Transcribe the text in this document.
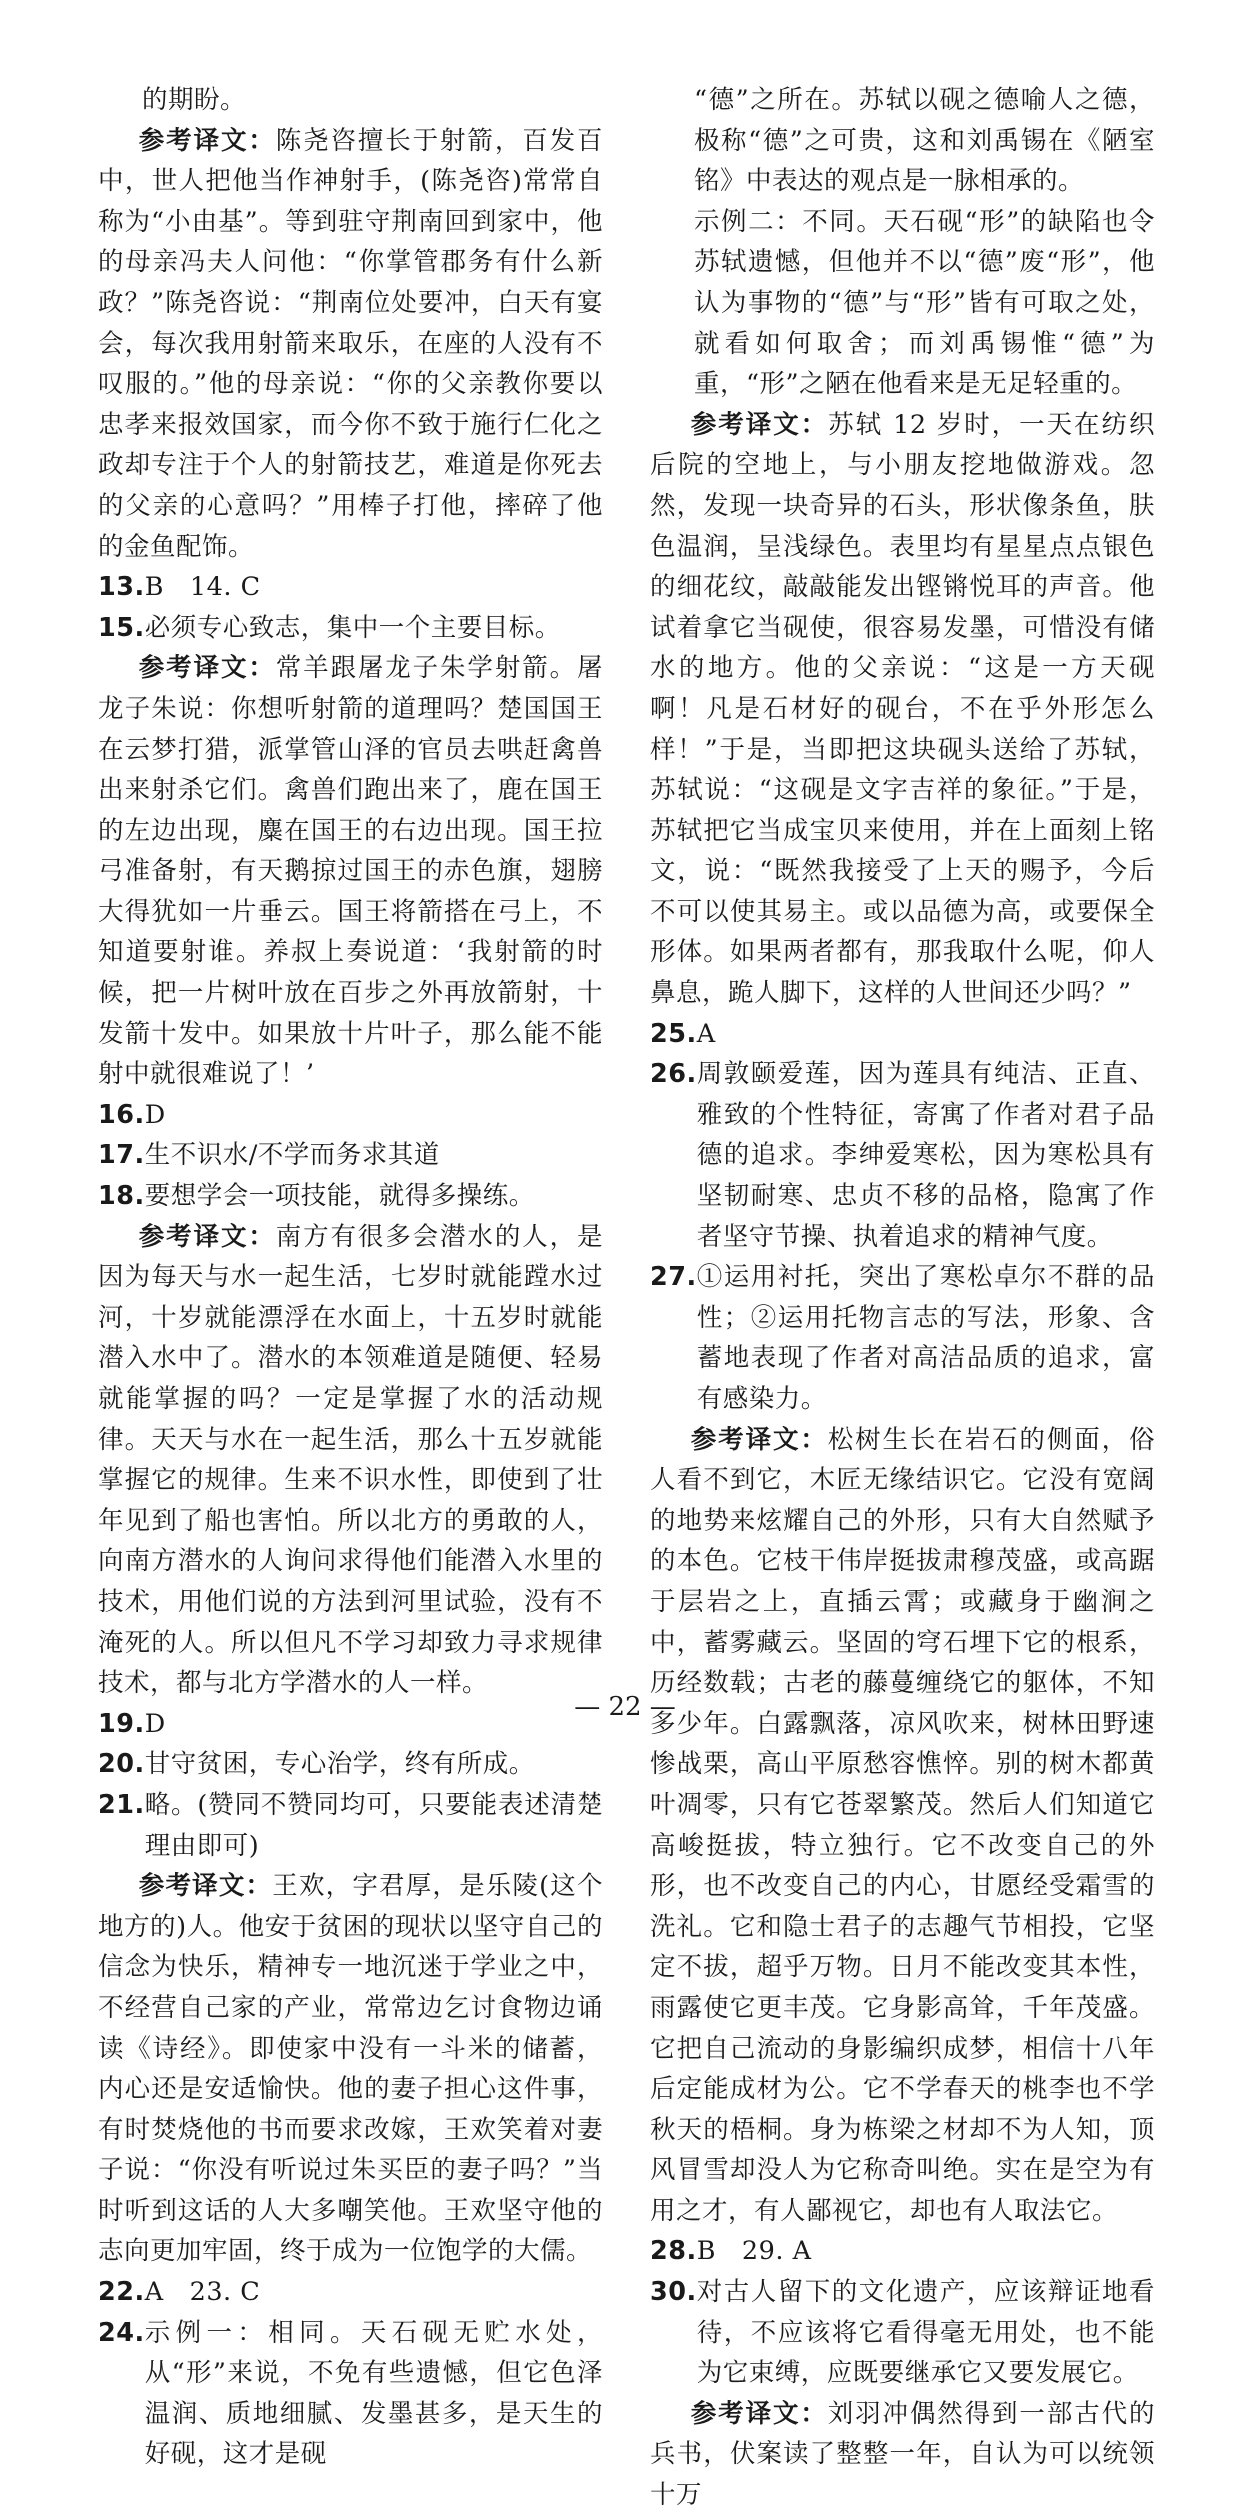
的期盼。

参考译文：陈尧咨擅长于射箭，百发百中，世人把他当作神射手，(陈尧咨)常常自称为“小由基”。等到驻守荆南回到家中，他的母亲冯夫人问他：“你掌管郡务有什么新政？”陈尧咨说：“荆南位处要冲，白天有宴会，每次我用射箭来取乐，在座的人没有不叹服的。”他的母亲说：“你的父亲教你要以忠孝来报效国家，而今你不致于施行仁化之政却专注于个人的射箭技艺，难道是你死去的父亲的心意吗？”用棒子打他，摔碎了他的金鱼配饰。

13. B　14. C
15. 必须专心致志，集中一个主要目标。

参考译文：常羊跟屠龙子朱学射箭。屠龙子朱说：你想听射箭的道理吗？楚国国王在云梦打猎，派掌管山泽的官员去哄赶禽兽出来射杀它们。禽兽们跑出来了，鹿在国王的左边出现，麋在国王的右边出现。国王拉弓准备射，有天鹅掠过国王的赤色旗，翅膀大得犹如一片垂云。国王将箭搭在弓上，不知道要射谁。养叔上奏说道：‘我射箭的时候，把一片树叶放在百步之外再放箭射，十发箭十发中。如果放十片叶子，那么能不能射中就很难说了！’

16. D
17. 生不识水/不学而务求其道
18. 要想学会一项技能，就得多操练。

参考译文：南方有很多会潜水的人，是因为每天与水一起生活，七岁时就能蹚水过河，十岁就能漂浮在水面上，十五岁时就能潜入水中了。潜水的本领难道是随便、轻易就能掌握的吗？一定是掌握了水的活动规律。天天与水在一起生活，那么十五岁就能掌握它的规律。生来不识水性，即使到了壮年见到了船也害怕。所以北方的勇敢的人，向南方潜水的人询问求得他们能潜入水里的技术，用他们说的方法到河里试验，没有不淹死的人。所以但凡不学习却致力寻求规律技术，都与北方学潜水的人一样。

19. D
20. 甘守贫困，专心治学，终有所成。
21. 略。(赞同不赞同均可，只要能表述清楚理由即可)

参考译文：王欢，字君厚，是乐陵(这个地方的)人。他安于贫困的现状以坚守自己的信念为快乐，精神专一地沉迷于学业之中，不经营自己家的产业，常常边乞讨食物边诵读《诗经》。即使家中没有一斗米的储蓄，内心还是安适愉快。他的妻子担心这件事，有时焚烧他的书而要求改嫁，王欢笑着对妻子说：“你没有听说过朱买臣的妻子吗？”当时听到这话的人大多嘲笑他。王欢坚守他的志向更加牢固，终于成为一位饱学的大儒。

22. A　23. C
24. 示例一：相同。天石砚无贮水处，从“形”来说，不免有些遗憾，但它色泽温润、质地细腻、发墨甚多，是天生的好砚，这才是砚

“德”之所在。苏轼以砚之德喻人之德，极称“德”之可贵，这和刘禹锡在《陋室铭》中表达的观点是一脉相承的。

示例二：不同。天石砚“形”的缺陷也令苏轼遗憾，但他并不以“德”废“形”，他认为事物的“德”与“形”皆有可取之处，就看如何取舍；而刘禹锡惟“德”为重，“形”之陋在他看来是无足轻重的。

参考译文：苏轼 12 岁时，一天在纺织后院的空地上，与小朋友挖地做游戏。忽然，发现一块奇异的石头，形状像条鱼，肤色温润，呈浅绿色。表里均有星星点点银色的细花纹，敲敲能发出铿锵悦耳的声音。他试着拿它当砚使，很容易发墨，可惜没有储水的地方。他的父亲说：“这是一方天砚啊！凡是石材好的砚台，不在乎外形怎么样！”于是，当即把这块砚头送给了苏轼，苏轼说：“这砚是文字吉祥的象征。”于是，苏轼把它当成宝贝来使用，并在上面刻上铭文，说：“既然我接受了上天的赐予，今后不可以使其易主。或以品德为高，或要保全形体。如果两者都有，那我取什么呢，仰人鼻息，跪人脚下，这样的人世间还少吗？”

25. A
26. 周敦颐爱莲，因为莲具有纯洁、正直、雅致的个性特征，寄寓了作者对君子品德的追求。李绅爱寒松，因为寒松具有坚韧耐寒、忠贞不移的品格，隐寓了作者坚守节操、执着追求的精神气度。
27. ①运用衬托，突出了寒松卓尔不群的品性；②运用托物言志的写法，形象、含蓄地表现了作者对高洁品质的追求，富有感染力。

参考译文：松树生长在岩石的侧面，俗人看不到它，木匠无缘结识它。它没有宽阔的地势来炫耀自己的外形，只有大自然赋予的本色。它枝干伟岸挺拔肃穆茂盛，或高踞于层岩之上，直插云霄；或藏身于幽涧之中，蓄雾藏云。坚固的穹石埋下它的根系，历经数载；古老的藤蔓缠绕它的躯体，不知多少年。白露飘落，凉风吹来，树林田野速惨战栗，高山平原愁容憔悴。别的树木都黄叶凋零，只有它苍翠繁茂。然后人们知道它高峻挺拔，特立独行。它不改变自己的外形，也不改变自己的内心，甘愿经受霜雪的洗礼。它和隐士君子的志趣气节相投，它坚定不拔，超乎万物。日月不能改变其本性，雨露使它更丰茂。它身影高耸，千年茂盛。它把自己流动的身影编织成梦，相信十八年后定能成材为公。它不学春天的桃李也不学秋天的梧桐。身为栋梁之材却不为人知，顶风冒雪却没人为它称奇叫绝。实在是空为有用之才，有人鄙视它，却也有人取法它。

28. B　29. A
30. 对古人留下的文化遗产，应该辩证地看待，不应该将它看得毫无用处，也不能为它束缚，应既要继承它又要发展它。

参考译文：刘羽冲偶然得到一部古代的兵书，伏案读了整整一年，自认为可以统领十万

— 22 —
